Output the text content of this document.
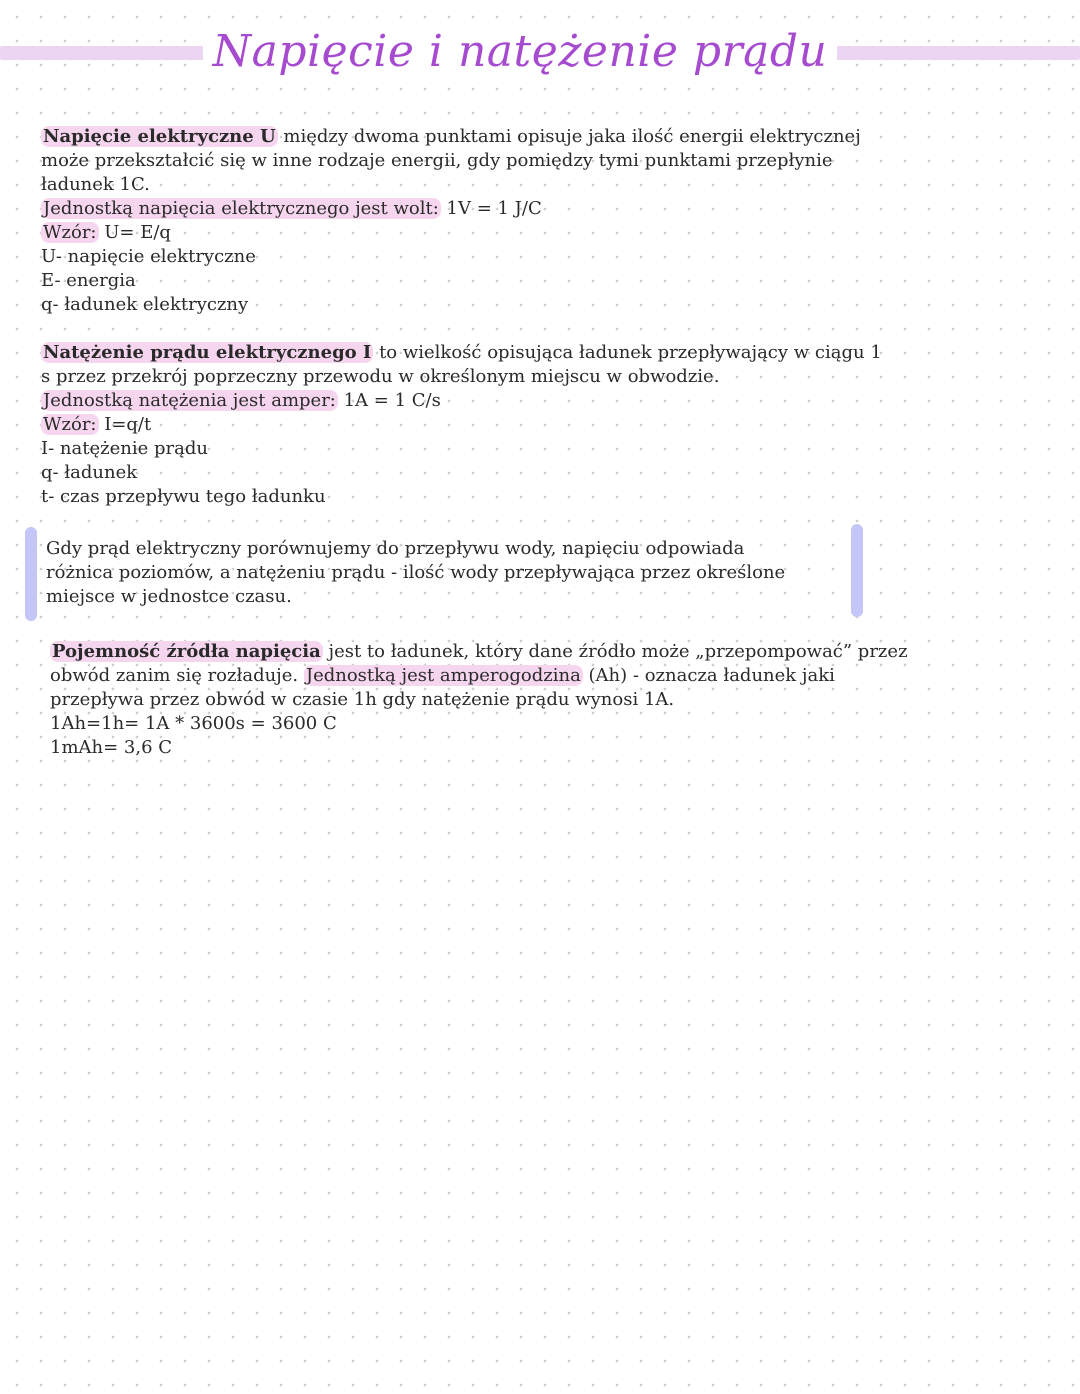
Napięcie i natężenie prądu

Napięcie elektryczne U między dwoma punktami opisuje jaka ilość energii elektrycznej

może przekształcić się w inne rodzaje energii, gdy pomiędzy tymi punktami przepłynie

ładunek 1C.

Jednostką napięcia elektrycznego jest wolt: 1V = 1 J/C

Wzór: U= E/q

U- napięcie elektryczne

E- energia

q- ładunek elektryczny

Natężenie prądu elektrycznego I to wielkość opisująca ładunek przepływający w ciągu 1

s przez przekrój poprzeczny przewodu w określonym miejscu w obwodzie.

Jednostką natężenia jest amper: 1A = 1 C/s

Wzór: I=q/t

I- natężenie prądu

q- ładunek

t- czas przepływu tego ładunku

Gdy prąd elektryczny porównujemy do przepływu wody, napięciu odpowiada

różnica poziomów, a natężeniu prądu - ilość wody przepływająca przez określone

miejsce w jednostce czasu.

Pojemność źródła napięcia jest to ładunek, który dane źródło może „przepompować” przez

obwód zanim się rozładuje. Jednostką jest amperogodzina (Ah) - oznacza ładunek jaki

przepływa przez obwód w czasie 1h gdy natężenie prądu wynosi 1A.

1Ah=1h= 1A * 3600s = 3600 C

1mAh= 3,6 C
